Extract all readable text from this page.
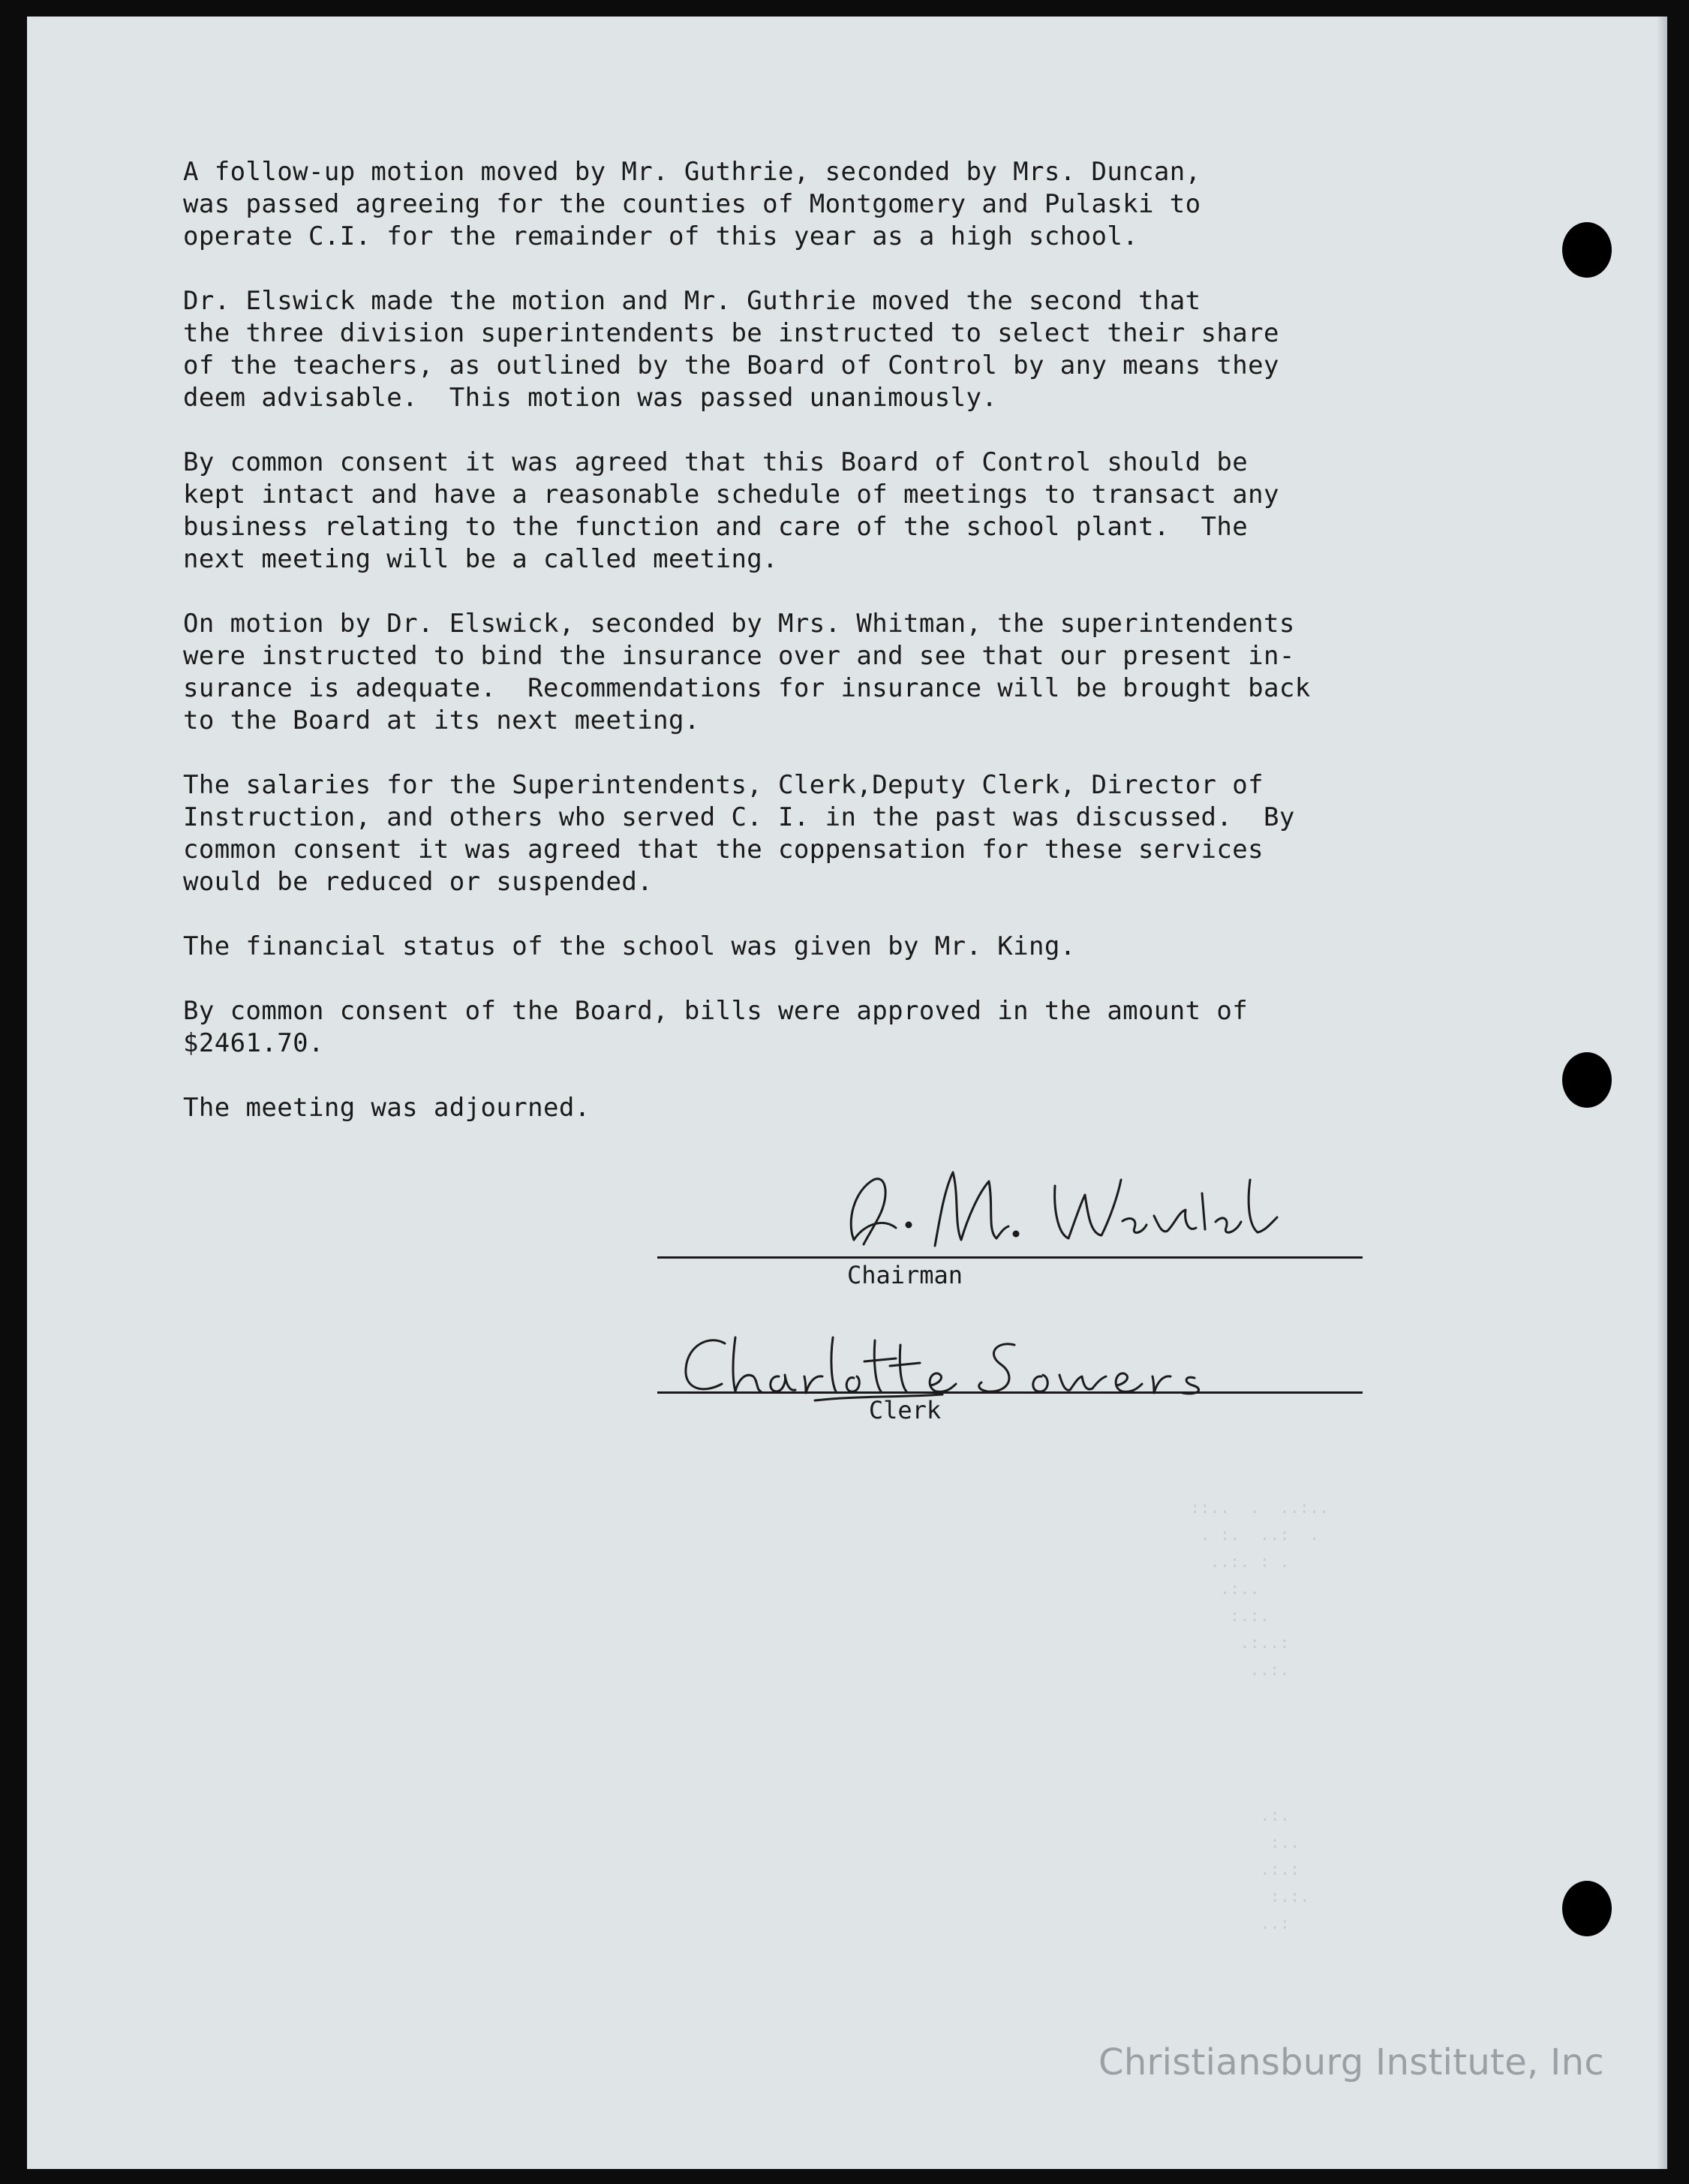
A follow-up motion moved by Mr. Guthrie, seconded by Mrs. Duncan,
was passed agreeing for the counties of Montgomery and Pulaski to
operate C.I. for the remainder of this year as a high school.
Dr. Elswick made the motion and Mr. Guthrie moved the second that
the three division superintendents be instructed to select their share
of the teachers, as outlined by the Board of Control by any means they
deem advisable.  This motion was passed unanimously.
By common consent it was agreed that this Board of Control should be
kept intact and have a reasonable schedule of meetings to transact any
business relating to the function and care of the school plant.  The
next meeting will be a called meeting.
On motion by Dr. Elswick, seconded by Mrs. Whitman, the superintendents
were instructed to bind the insurance over and see that our present in-
surance is adequate.  Recommendations for insurance will be brought back
to the Board at its next meeting.
The salaries for the Superintendents, Clerk,Deputy Clerk, Director of
Instruction, and others who served C. I. in the past was discussed.  By
common consent it was agreed that the coppensation for these services
would be reduced or suspended.
The financial status of the school was given by Mr. King.
By common consent of the Board, bills were approved in the amount of
$2461.70.
The meeting was adjourned.
Chairman
Clerk
::..  .  ..:..
. :.  ..:  .
..:. : .
.:..
:.:.
.:..:
..:.
.:.
:..
.:.:
:.:.
..:
Christiansburg Institute, Inc
